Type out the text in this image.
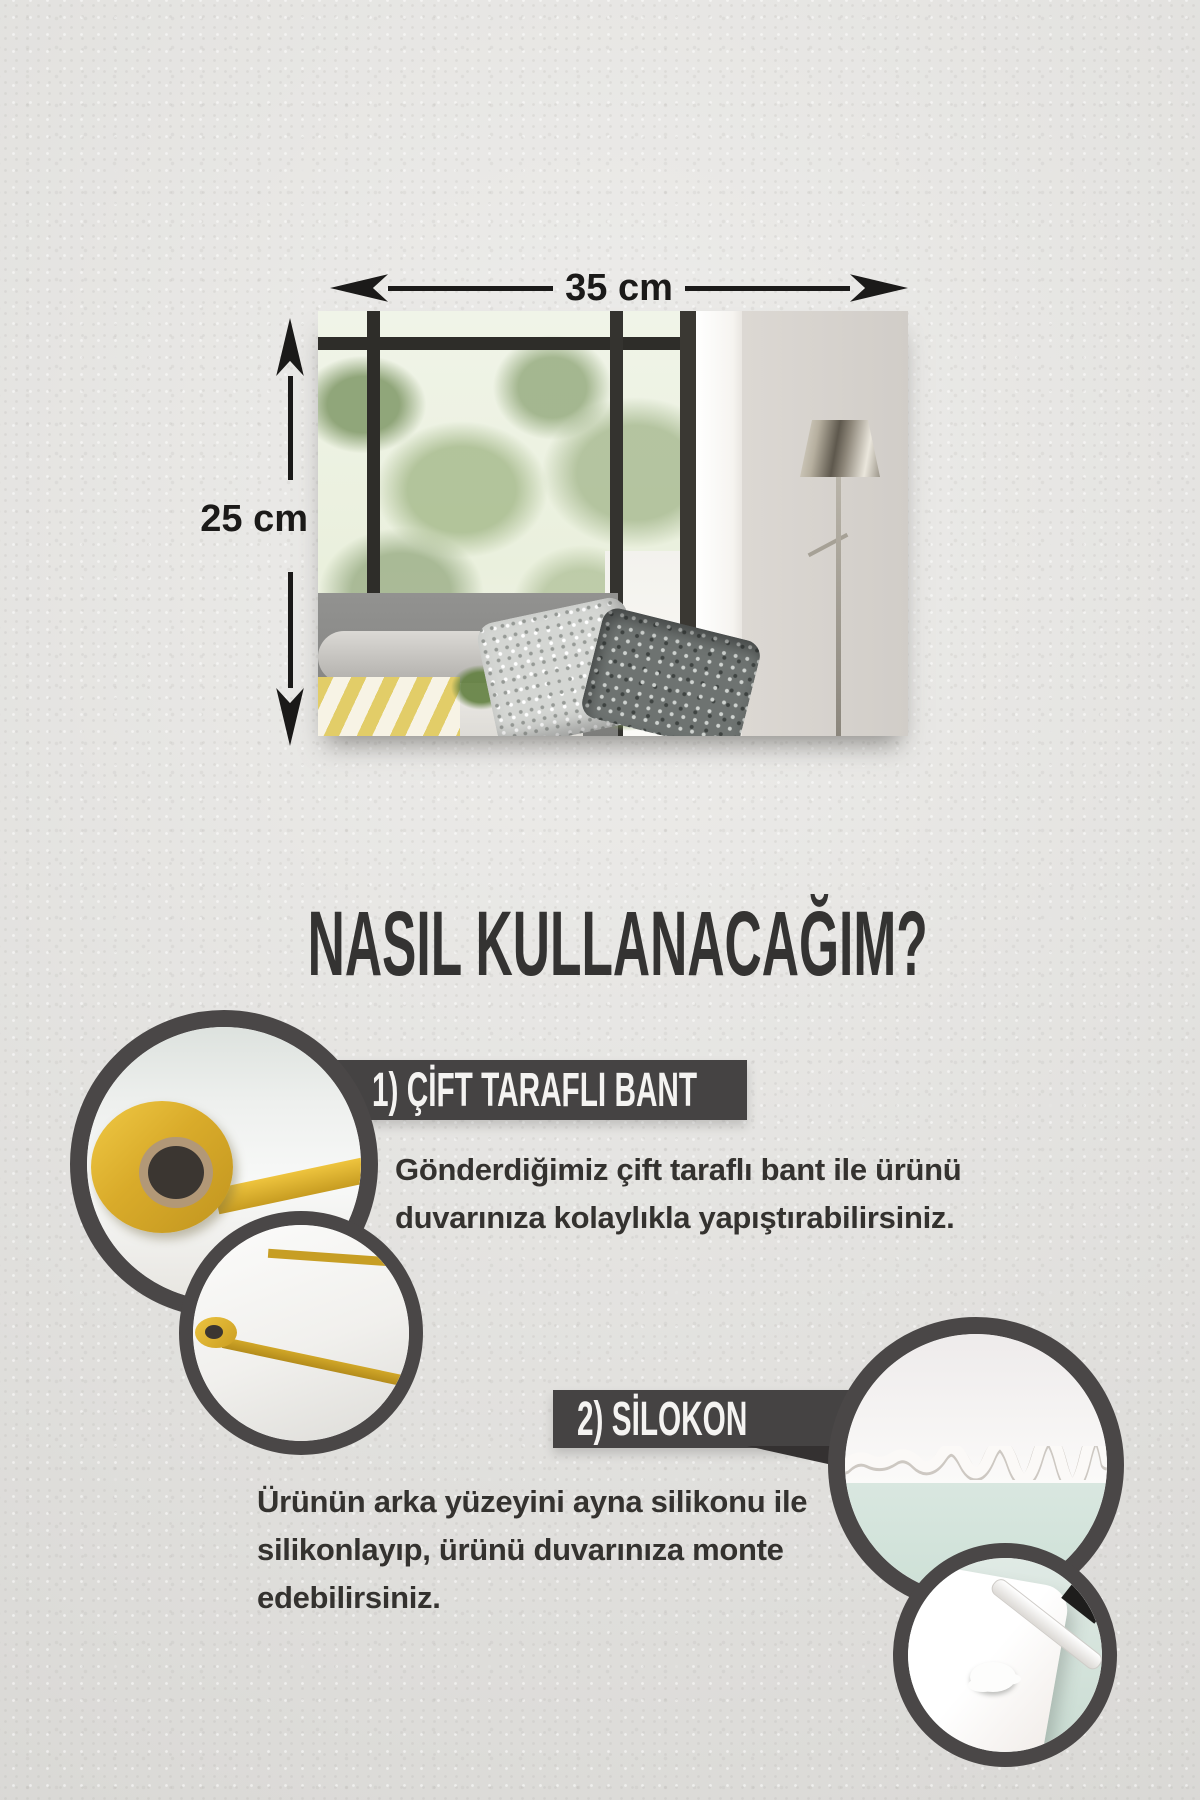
35 cm
25 cm
NASIL KULLANACAĞIM?
1) ÇİFT TARAFLI BANT
Gönderdiğimiz çift taraflı bant ile ürünü duvarınıza kolaylıkla yapıştırabilirsiniz.
2) SİLOKON
Ürünün arka yüzeyini ayna silikonu ile silikonlayıp, ürünü duvarınıza monte edebilirsiniz.
